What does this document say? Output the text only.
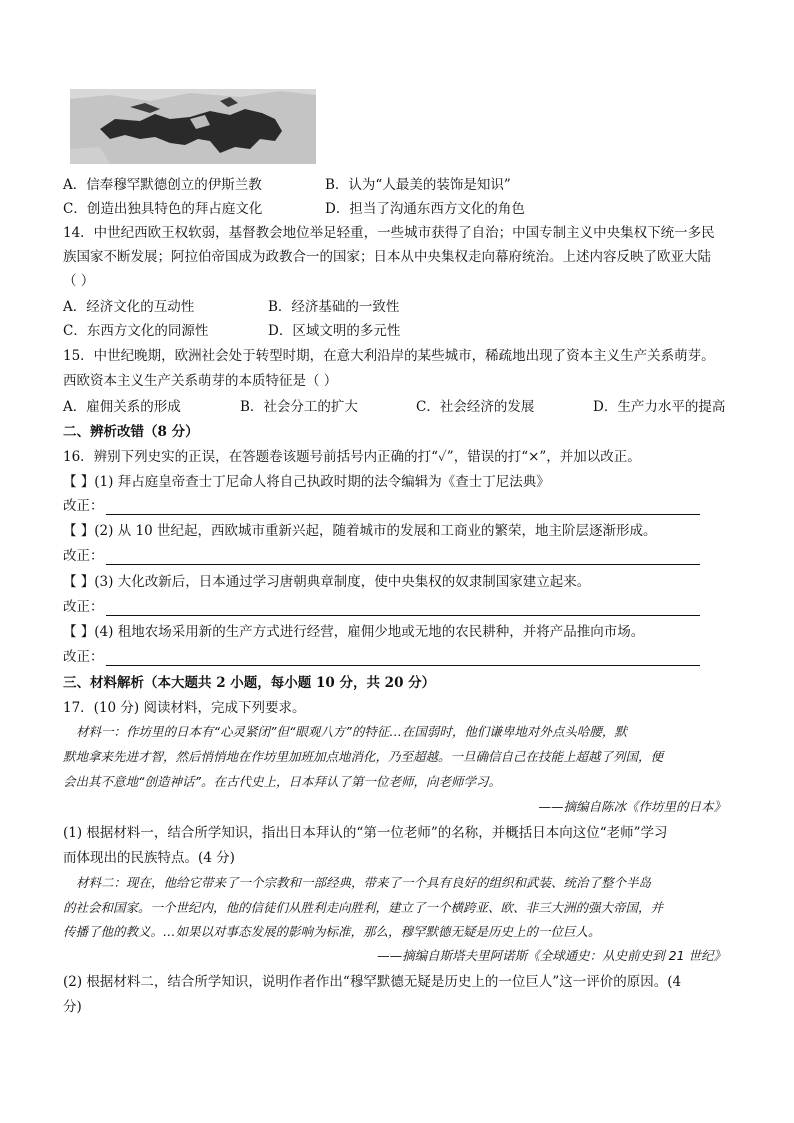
A．信奉穆罕默德创立的伊斯兰教	B．认为“人最美的装饰是知识”
C．创造出独具特色的拜占庭文化	D．担当了沟通东西方文化的角色
14．中世纪西欧王权软弱，基督教会地位举足轻重，一些城市获得了自治；中国专制主义中央集权下统一多民
族国家不断发展；阿拉伯帝国成为政教合一的国家；日本从中央集权走向幕府统治。上述内容反映了欧亚大陆
（ ）
A．经济文化的互动性	B．经济基础的一致性
C．东西方文化的同源性	D．区域文明的多元性
15．中世纪晚期，欧洲社会处于转型时期，在意大利沿岸的某些城市，稀疏地出现了资本主义生产关系萌芽。
西欧资本主义生产关系萌芽的本质特征是（ ）
A．雇佣关系的形成	B．社会分工的扩大	C．社会经济的发展	D．生产力水平的提高
二、辨析改错（8 分）
16．辨别下列史实的正误，在答题卷该题号前括号内正确的打“✓”，错误的打“×”，并加以改正。
【 】(1) 拜占庭皇帝查士丁尼命人将自己执政时期的法令编辑为《查士丁尼法典》
改正：
【 】(2) 从 10 世纪起，西欧城市重新兴起，随着城市的发展和工商业的繁荣，地主阶层逐渐形成。
改正：
【 】(3) 大化改新后，日本通过学习唐朝典章制度，使中央集权的奴隶制国家建立起来。
改正：
【 】(4) 租地农场采用新的生产方式进行经营，雇佣少地或无地的农民耕种，并将产品推向市场。
改正：
三、材料解析（本大题共 2 小题，每小题 10 分，共 20 分）
17．(10 分) 阅读材料，完成下列要求。
材料一：作坊里的日本有“心灵紧闭”但“眼观八方”的特征…在国弱时，他们谦卑地对外点头哈腰，默
默地拿来先进才智，然后悄悄地在作坊里加班加点地消化，乃至超越。一旦确信自己在技能上超越了列国，便
会出其不意地“创造神话”。在古代史上，日本拜认了第一位老师，向老师学习。
——摘编自陈冰《作坊里的日本》
(1) 根据材料一，结合所学知识，指出日本拜认的“第一位老师”的名称，并概括日本向这位“老师”学习
而体现出的民族特点。(4 分)
材料二：现在，他给它带来了一个宗教和一部经典，带来了一个具有良好的组织和武装、统治了整个半岛
的社会和国家。一个世纪内，他的信徒们从胜利走向胜利，建立了一个横跨亚、欧、非三大洲的强大帝国，并
传播了他的教义。…如果以对事态发展的影响为标准，那么，穆罕默德无疑是历史上的一位巨人。
——摘编自斯塔夫里阿诺斯《全球通史：从史前史到 21 世纪》
(2) 根据材料二，结合所学知识，说明作者作出“穆罕默德无疑是历史上的一位巨人”这一评价的原因。(4
分)
